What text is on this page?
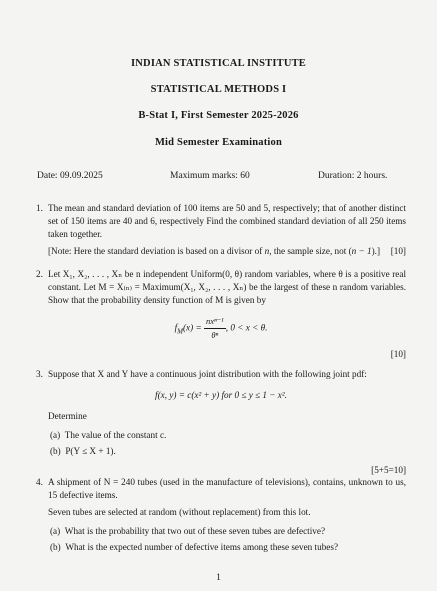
INDIAN STATISTICAL INSTITUTE
STATISTICAL METHODS I
B-Stat I, First Semester 2025-2026
Mid Semester Examination
Date: 09.09.2025	Maximum marks: 60	Duration: 2 hours.
1. The mean and standard deviation of 100 items are 50 and 5, respectively; that of another distinct set of 150 items are 40 and 6, respectively Find the combined standard deviation of all 250 items taken together.
[Note: Here the standard deviation is based on a divisor of n, the sample size, not (n − 1).] [10]
2. Let X₁, X₂, . . . , Xₙ be n independent Uniform(0, θ) random variables, where θ is a positive real constant. Let M = X₍ₙ₎ = Maximum(X₁, X₂, . . . , Xₙ) be the largest of these n random variables. Show that the probability density function of M is given by
$f_M(x) = \frac{\text{nxⁿ⁻¹}}{\text{θⁿ}}$ , 0 < x < θ.
[10]
3. Suppose that X and Y have a continuous joint distribution with the following joint pdf:
f(x, y) = c(x² + y) for 0 ≤ y ≤ 1 − x².
Determine
(a) The value of the constant c.
(b) P(Y ≤ X + 1).
[5+5=10]
4. A shipment of N = 240 tubes (used in the manufacture of televisions), contains, unknown to us, 15 defective items.
Seven tubes are selected at random (without replacement) from this lot.
(a) What is the probability that two out of these seven tubes are defective?
(b) What is the expected number of defective items among these seven tubes?
1
